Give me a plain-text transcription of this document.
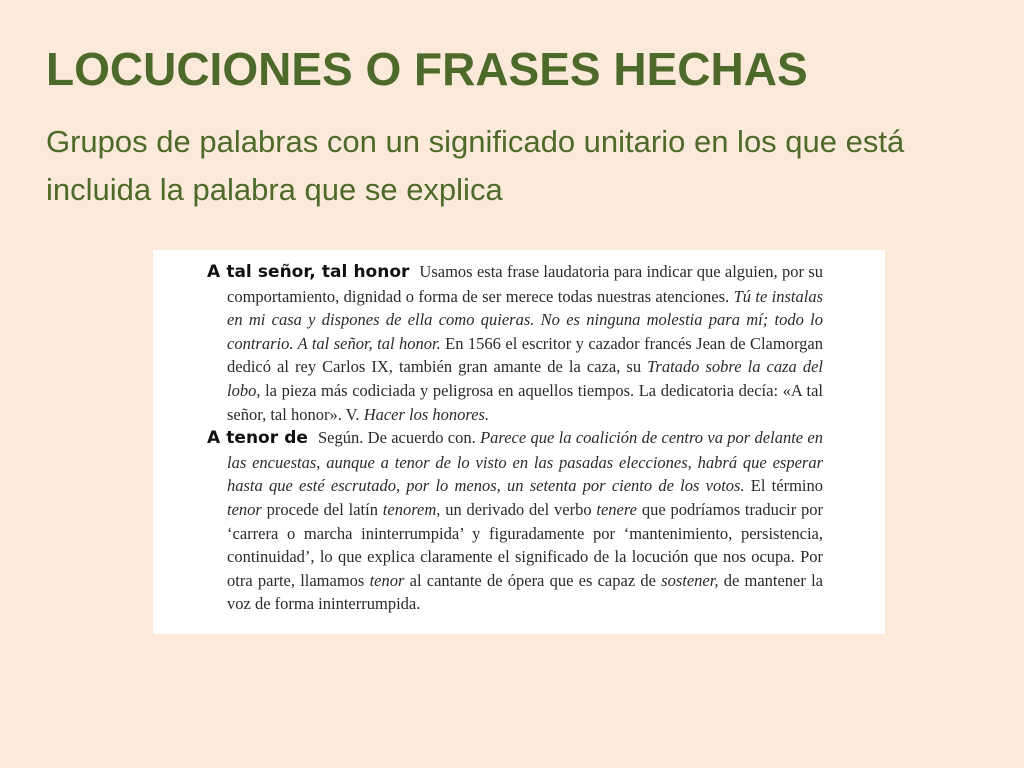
LOCUCIONES O FRASES HECHAS

Grupos de palabras con un significado unitario en los que está incluida la palabra que se explica

A tal señor, tal honor Usamos esta frase laudatoria para indicar que alguien, por su comportamiento, dignidad o forma de ser merece todas nuestras atenciones. Tú te instalas en mi casa y dispones de ella como quieras. No es ninguna molestia para mí; todo lo contrario. A tal señor, tal honor. En 1566 el escritor y cazador francés Jean de Clamorgan dedicó al rey Carlos IX, también gran amante de la caza, su Tratado sobre la caza del lobo, la pieza más codiciada y peligrosa en aquellos tiempos. La dedicatoria decía: «A tal señor, tal honor». V. Hacer los honores.

A tenor de Según. De acuerdo con. Parece que la coalición de centro va por delante en las encuestas, aunque a tenor de lo visto en las pasadas elecciones, habrá que esperar hasta que esté escrutado, por lo menos, un setenta por ciento de los votos. El término tenor procede del latín tenorem, un derivado del verbo tenere que podríamos traducir por ‘carrera o marcha ininterrumpida’ y figuradamente por ‘mantenimiento, persistencia, continuidad’, lo que explica claramente el significado de la locución que nos ocupa. Por otra parte, llamamos tenor al cantante de ópera que es capaz de sostener, de mantener la voz de forma ininterrumpida.
